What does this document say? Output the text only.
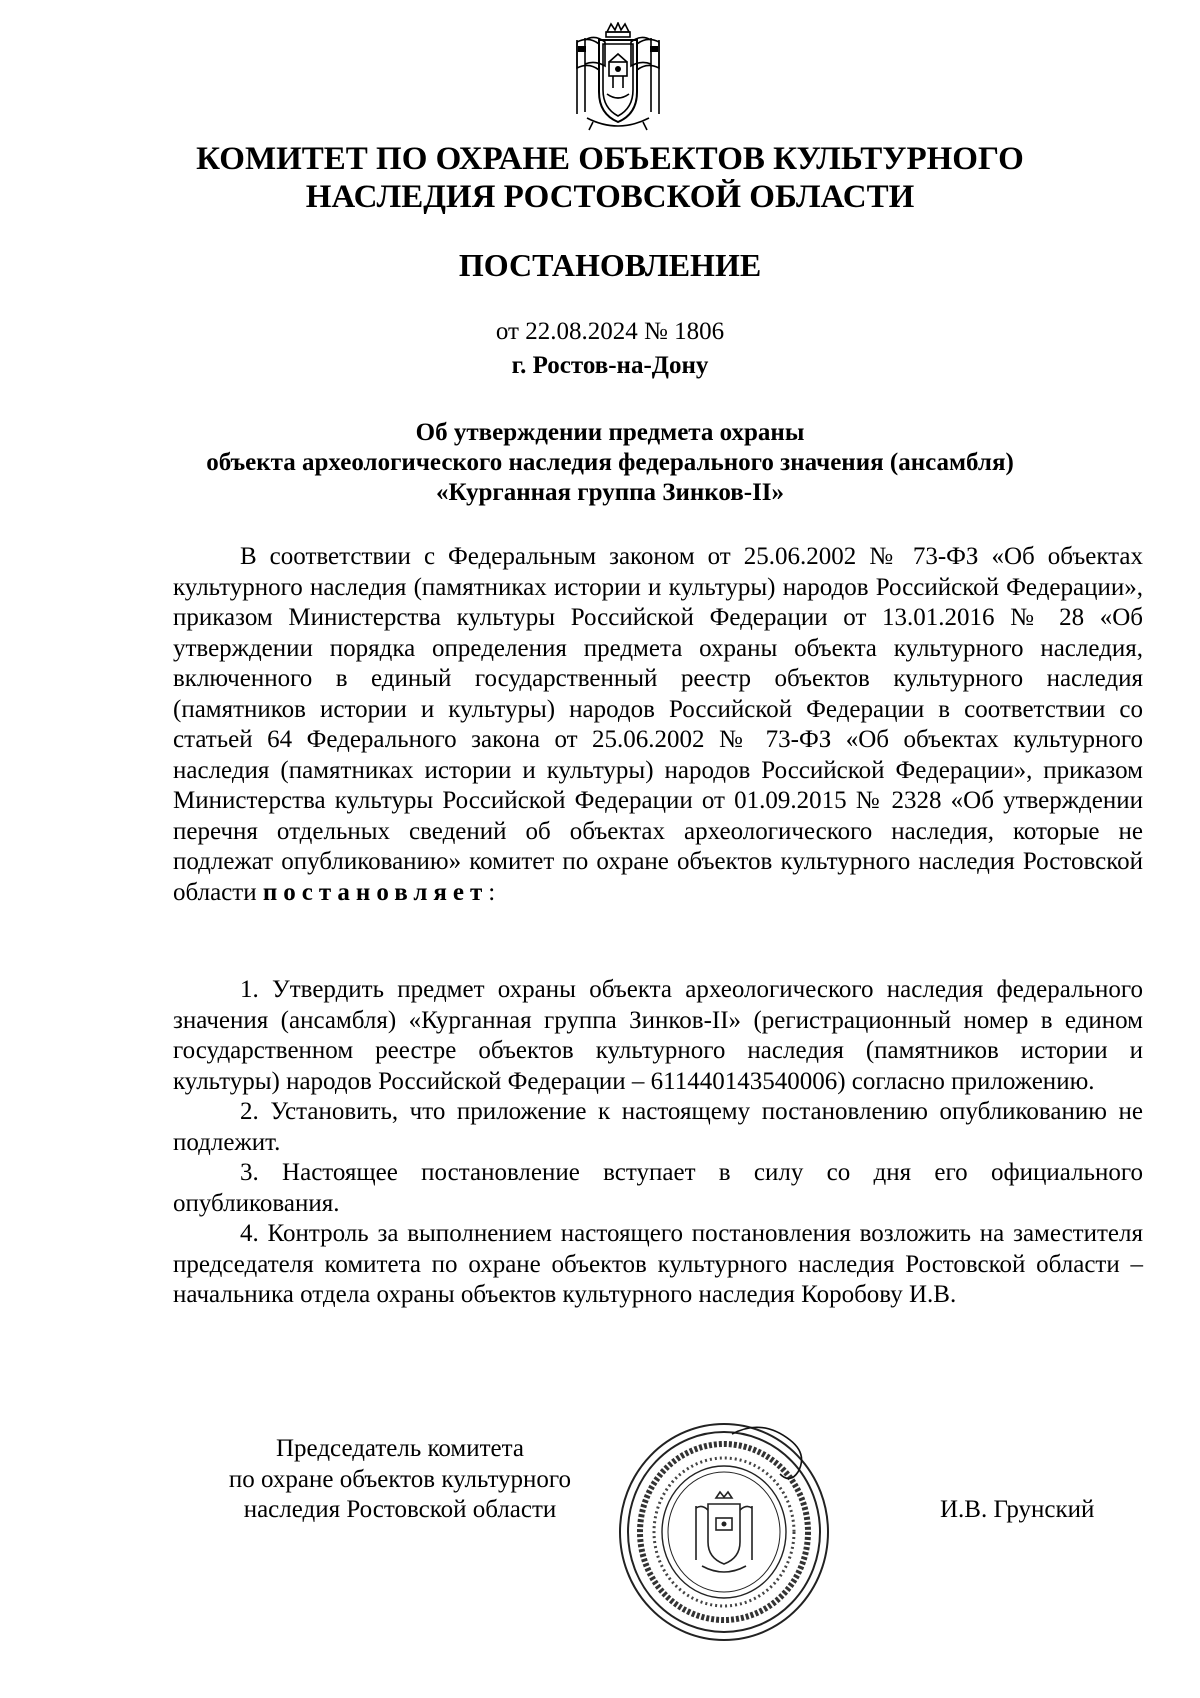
КОМИТЕТ ПО ОХРАНЕ ОБЪЕКТОВ КУЛЬТУРНОГО
НАСЛЕДИЯ РОСТОВСКОЙ ОБЛАСТИ
ПОСТАНОВЛЕНИЕ
от 22.08.2024 № 1806
г. Ростов-на-Дону
Об утверждении предмета охраны
объекта археологического наследия федерального значения (ансамбля)
«Курганная группа Зинков-II»

В соответствии с Федеральным законом от 25.06.2002 № 73-ФЗ «Об объектах культурного наследия (памятниках истории и культуры) народов Российской Федерации», приказом Министерства культуры Российской Федерации от 13.01.2016 № 28 «Об утверждении порядка определения предмета охраны объекта культурного наследия, включенного в единый государственный реестр объектов культурного наследия (памятников истории и культуры) народов Российской Федерации в соответствии со статьей 64 Федерального закона от 25.06.2002 № 73-ФЗ «Об объектах культурного наследия (памятниках истории и культуры) народов Российской Федерации», приказом Министерства культуры Российской Федерации от 01.09.2015 № 2328 «Об утверждении перечня отдельных сведений об объектах археологического наследия, которые не подлежат опубликованию» комитет по охране объектов культурного наследия Ростовской области постановляет:

1. Утвердить предмет охраны объекта археологического наследия федерального значения (ансамбля) «Курганная группа Зинков-II» (регистрационный номер в едином государственном реестре объектов культурного наследия (памятников истории и культуры) народов Российской Федерации – 611440143540006) согласно приложению.

2. Установить, что приложение к настоящему постановлению опубликованию не подлежит.

3. Настоящее постановление вступает в силу со дня его официального опубликования.

4. Контроль за выполнением настоящего постановления возложить на заместителя председателя комитета по охране объектов культурного наследия Ростовской области – начальника отдела охраны объектов культурного наследия Коробову И.В.

Председатель комитета
по охране объектов культурного
наследия Ростовской области	И.В. Грунский
